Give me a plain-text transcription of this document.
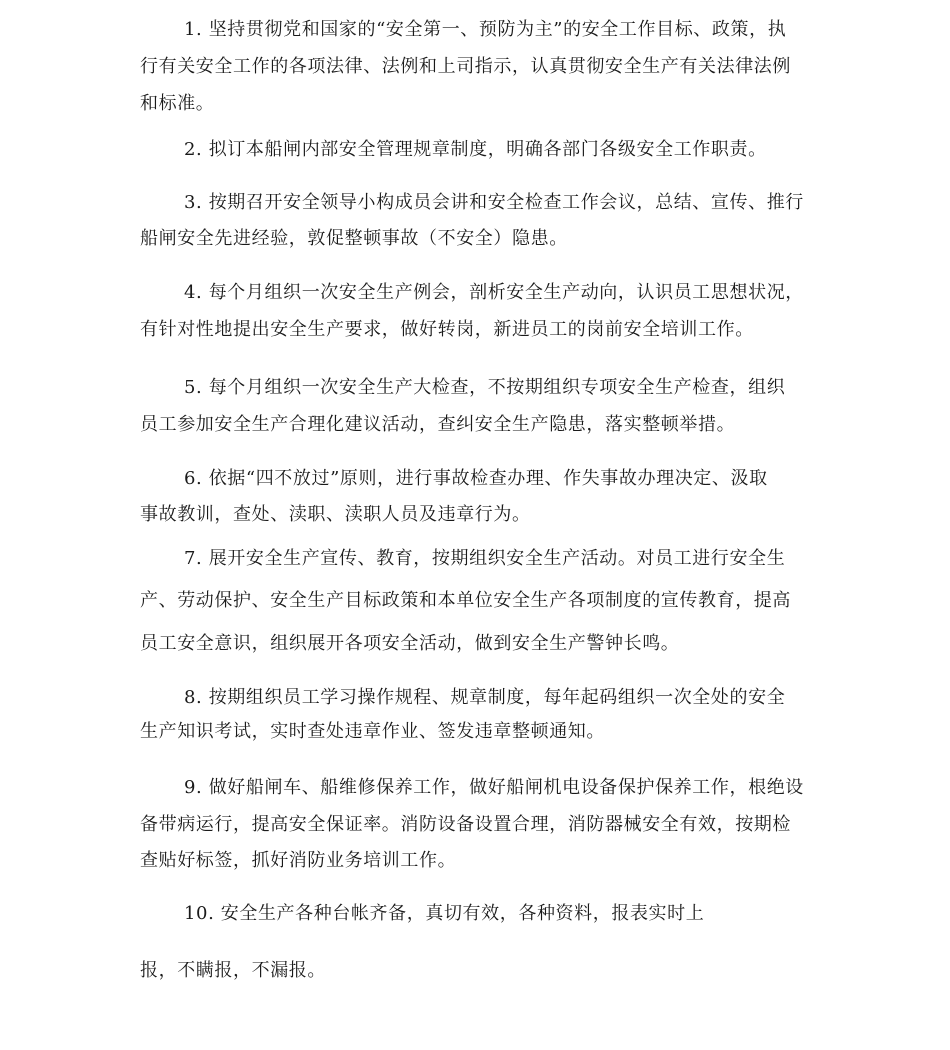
1. 坚持贯彻党和国家的“安全第一、预防为主”的安全工作目标、政策，执
行有关安全工作的各项法律、法例和上司指示，认真贯彻安全生产有关法律法例
和标准。
2. 拟订本船闸内部安全管理规章制度，明确各部门各级安全工作职责。
3. 按期召开安全领导小构成员会讲和安全检查工作会议，总结、宣传、推行
船闸安全先进经验，敦促整顿事故（不安全）隐患。
4. 每个月组织一次安全生产例会，剖析安全生产动向，认识员工思想状况，
有针对性地提出安全生产要求，做好转岗，新进员工的岗前安全培训工作。
5. 每个月组织一次安全生产大检查，不按期组织专项安全生产检查，组织
员工参加安全生产合理化建议活动，查纠安全生产隐患，落实整顿举措。
6. 依据“四不放过”原则，进行事故检查办理、作失事故办理决定、汲取
事故教训，查处、渎职、渎职人员及违章行为。
7. 展开安全生产宣传、教育，按期组织安全生产活动。对员工进行安全生
产、劳动保护、安全生产目标政策和本单位安全生产各项制度的宣传教育，提高
员工安全意识，组织展开各项安全活动，做到安全生产警钟长鸣。
8. 按期组织员工学习操作规程、规章制度，每年起码组织一次全处的安全
生产知识考试，实时查处违章作业、签发违章整顿通知。
9. 做好船闸车、船维修保养工作，做好船闸机电设备保护保养工作，根绝设
备带病运行，提高安全保证率。消防设备设置合理，消防器械安全有效，按期检
查贴好标签，抓好消防业务培训工作。
10. 安全生产各种台帐齐备，真切有效，各种资料，报表实时上
报，不瞒报，不漏报。
